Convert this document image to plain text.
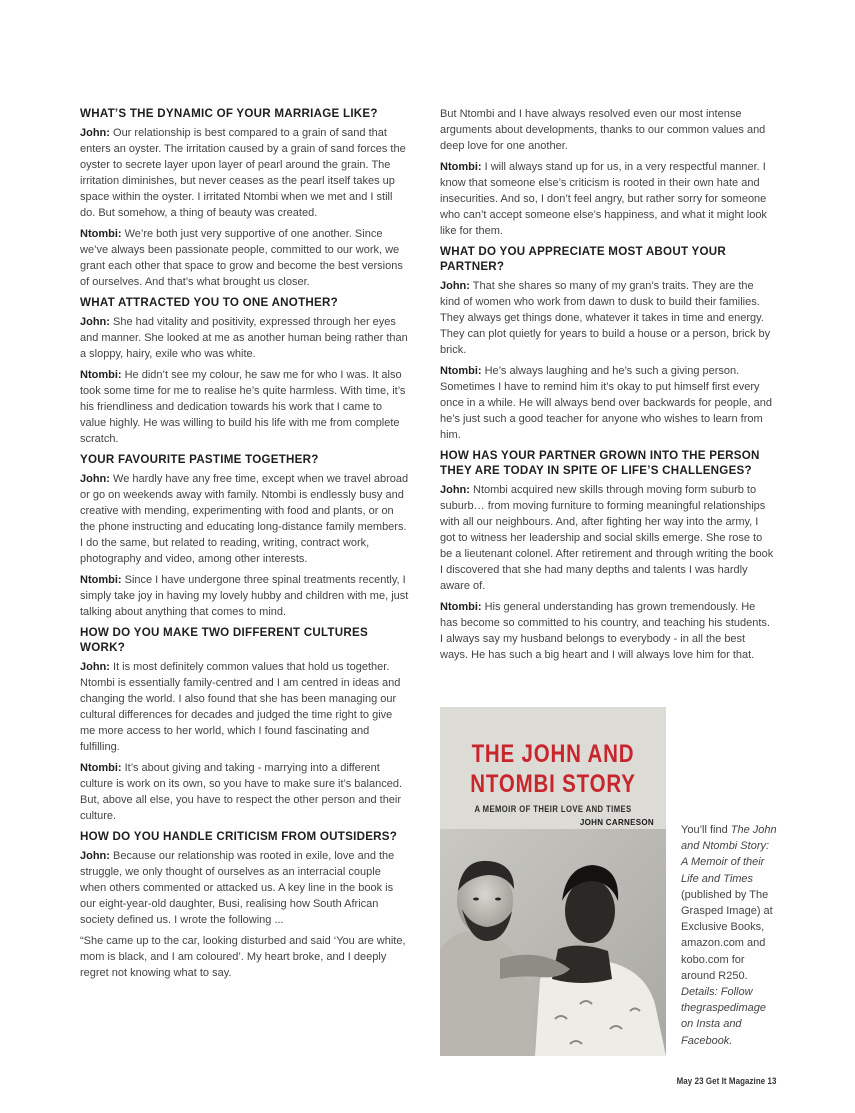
WHAT’S THE DYNAMIC OF YOUR MARRIAGE LIKE?

John: Our relationship is best compared to a grain of sand that enters an oyster. The irritation caused by a grain of sand forces the oyster to secrete layer upon layer of pearl around the grain. The irritation diminishes, but never ceases as the pearl itself takes up space within the oyster. I irritated Ntombi when we met and I still do. But somehow, a thing of beauty was created.

Ntombi: We’re both just very supportive of one another. Since we’ve always been passionate people, committed to our work, we grant each other that space to grow and become the best versions of ourselves. And that’s what brought us closer.

WHAT ATTRACTED YOU TO ONE ANOTHER?

John: She had vitality and positivity, expressed through her eyes and manner. She looked at me as another human being rather than a sloppy, hairy, exile who was white.

Ntombi: He didn’t see my colour, he saw me for who I was. It also took some time for me to realise he’s quite harmless. With time, it’s his friendliness and dedication towards his work that I came to value highly. He was willing to build his life with me from complete scratch.

YOUR FAVOURITE PASTIME TOGETHER?

John: We hardly have any free time, except when we travel abroad or go on weekends away with family. Ntombi is endlessly busy and creative with mending, experimenting with food and plants, or on the phone instructing and educating long-distance family members. I do the same, but related to reading, writing, contract work, photography and video, among other interests.

Ntombi: Since I have undergone three spinal treatments recently, I simply take joy in having my lovely hubby and children with me, just talking about anything that comes to mind.

HOW DO YOU MAKE TWO DIFFERENT CULTURES WORK?

John: It is most definitely common values that hold us together. Ntombi is essentially family-centred and I am centred in ideas and changing the world. I also found that she has been managing our cultural differences for decades and judged the time right to give me more access to her world, which I found fascinating and fulfilling.

Ntombi: It’s about giving and taking - marrying into a different culture is work on its own, so you have to make sure it’s balanced. But, above all else, you have to respect the other person and their culture.

HOW DO YOU HANDLE CRITICISM FROM OUTSIDERS?

John: Because our relationship was rooted in exile, love and the struggle, we only thought of ourselves as an interracial couple when others commented or attacked us. A key line in the book is our eight-year-old daughter, Busi, realising how South African society defined us. I wrote the following ...

“She came up to the car, looking disturbed and said ‘You are white, mom is black, and I am coloured’. My heart broke, and I deeply regret not knowing what to say.

But Ntombi and I have always resolved even our most intense arguments about developments, thanks to our common values and deep love for one another.

Ntombi: I will always stand up for us, in a very respectful manner. I know that someone else’s criticism is rooted in their own hate and insecurities. And so, I don’t feel angry, but rather sorry for someone who can’t accept someone else’s happiness, and what it might look like for them.

WHAT DO YOU APPRECIATE MOST ABOUT YOUR PARTNER?

John: That she shares so many of my gran’s traits. They are the kind of women who work from dawn to dusk to build their families. They always get things done, whatever it takes in time and energy. They can plot quietly for years to build a house or a person, brick by brick.

Ntombi: He’s always laughing and he’s such a giving person. Sometimes I have to remind him it’s okay to put himself first every once in a while. He will always bend over backwards for people, and he’s just such a good teacher for anyone who wishes to learn from him.

HOW HAS YOUR PARTNER GROWN INTO THE PERSON THEY ARE TODAY IN SPITE OF LIFE’S CHALLENGES?

John: Ntombi acquired new skills through moving form suburb to suburb… from moving furniture to forming meaningful relationships with all our neighbours. And, after fighting her way into the army, I got to witness her leadership and social skills emerge. She rose to be a lieutenant colonel. After retirement and through writing the book I discovered that she had many depths and talents I was hardly aware of.

Ntombi: His general understanding has grown tremendously. He has become so committed to his country, and teaching his students. I always say my husband belongs to everybody - in all the best ways. He has such a big heart and I will always love him for that.

THE JOHN AND
NTOMBI STORY
A MEMOIR OF THEIR LOVE AND TIMES
JOHN CARNESON
You’ll find The John and Ntombi Story: A Memoir of their Life and Times (published by The Grasped Image) at Exclusive Books, amazon.com and kobo.com for around R250. Details: Follow thegraspedimage on Insta and Facebook.
May 23 Get It Magazine 13
